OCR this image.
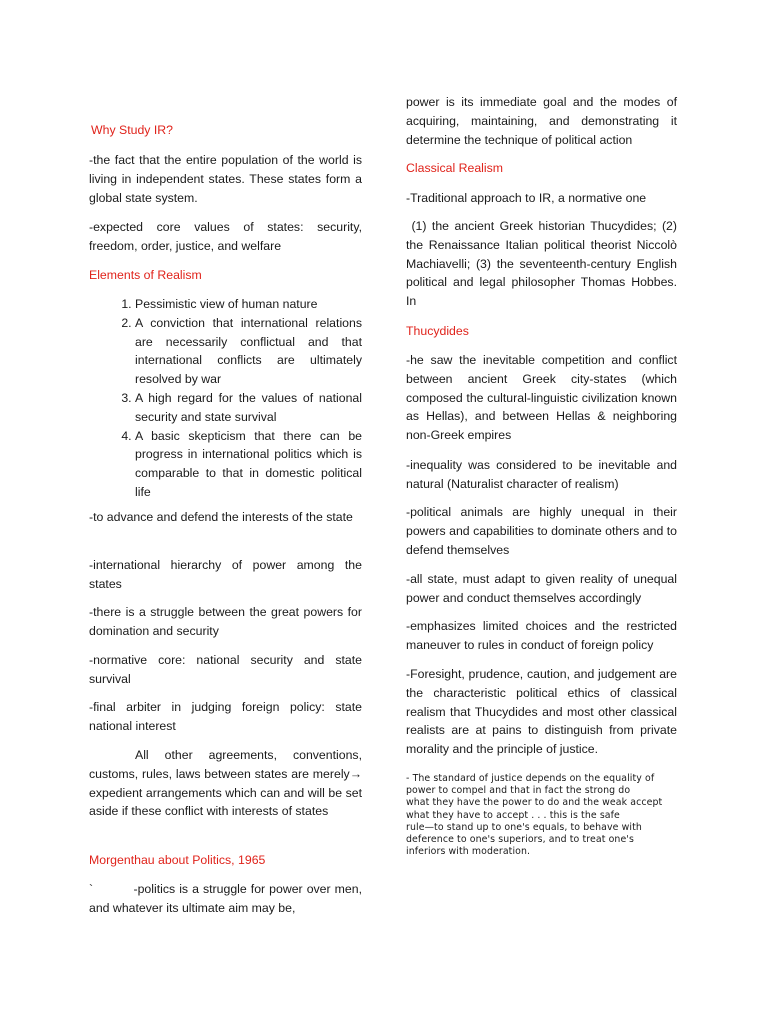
Why Study IR?

-the fact that the entire population of the world is living in independent states. These states form a global state system.

-expected core values of states: security, freedom, order, justice, and welfare

Elements of Realism

1. Pessimistic view of human nature
2. A conviction that international relations are necessarily conflictual and that international conflicts are ultimately resolved by war
3. A high regard for the values of national security and state survival
4. A basic skepticism that there can be progress in international politics which is comparable to that in domestic political life

-to advance and defend the interests of the state

-international hierarchy of power among the states

-there is a struggle between the great powers for domination and security

-normative core: national security and state survival

-final arbiter in judging foreign policy: state national interest

All other agreements, conventions, customs, rules, laws between states are merely→ expedient arrangements which can and will be set aside if these conflict with interests of states

Morgenthau about Politics, 1965

`          -politics is a struggle for power over men, and whatever its ultimate aim may be,

power is its immediate goal and the modes of acquiring, maintaining, and demonstrating it determine the technique of political action

Classical Realism

-Traditional approach to IR, a normative one

(1) the ancient Greek historian Thucydides; (2) the Renaissance Italian political theorist Niccolò Machiavelli; (3) the seventeenth-century English political and legal philosopher Thomas Hobbes. In

Thucydides

-he saw the inevitable competition and conflict between ancient Greek city-states (which composed the cultural-linguistic civilization known as Hellas), and between Hellas & neighboring non-Greek empires

-inequality was considered to be inevitable and natural (Naturalist character of realism)

-political animals are highly unequal in their powers and capabilities to dominate others and to defend themselves

-all state, must adapt to given reality of unequal power and conduct themselves accordingly

-emphasizes limited choices and the restricted maneuver to rules in conduct of foreign policy

-Foresight, prudence, caution, and judgement are the characteristic political ethics of classical realism that Thucydides and most other classical realists are at pains to distinguish from private morality and the principle of justice.

- The standard of justice depends on the equality of
power to compel and that in fact the strong do
what they have the power to do and the weak accept
what they have to accept . . . this is the safe
rule—to stand up to one's equals, to behave with
deference to one's superiors, and to treat one's
inferiors with moderation.
